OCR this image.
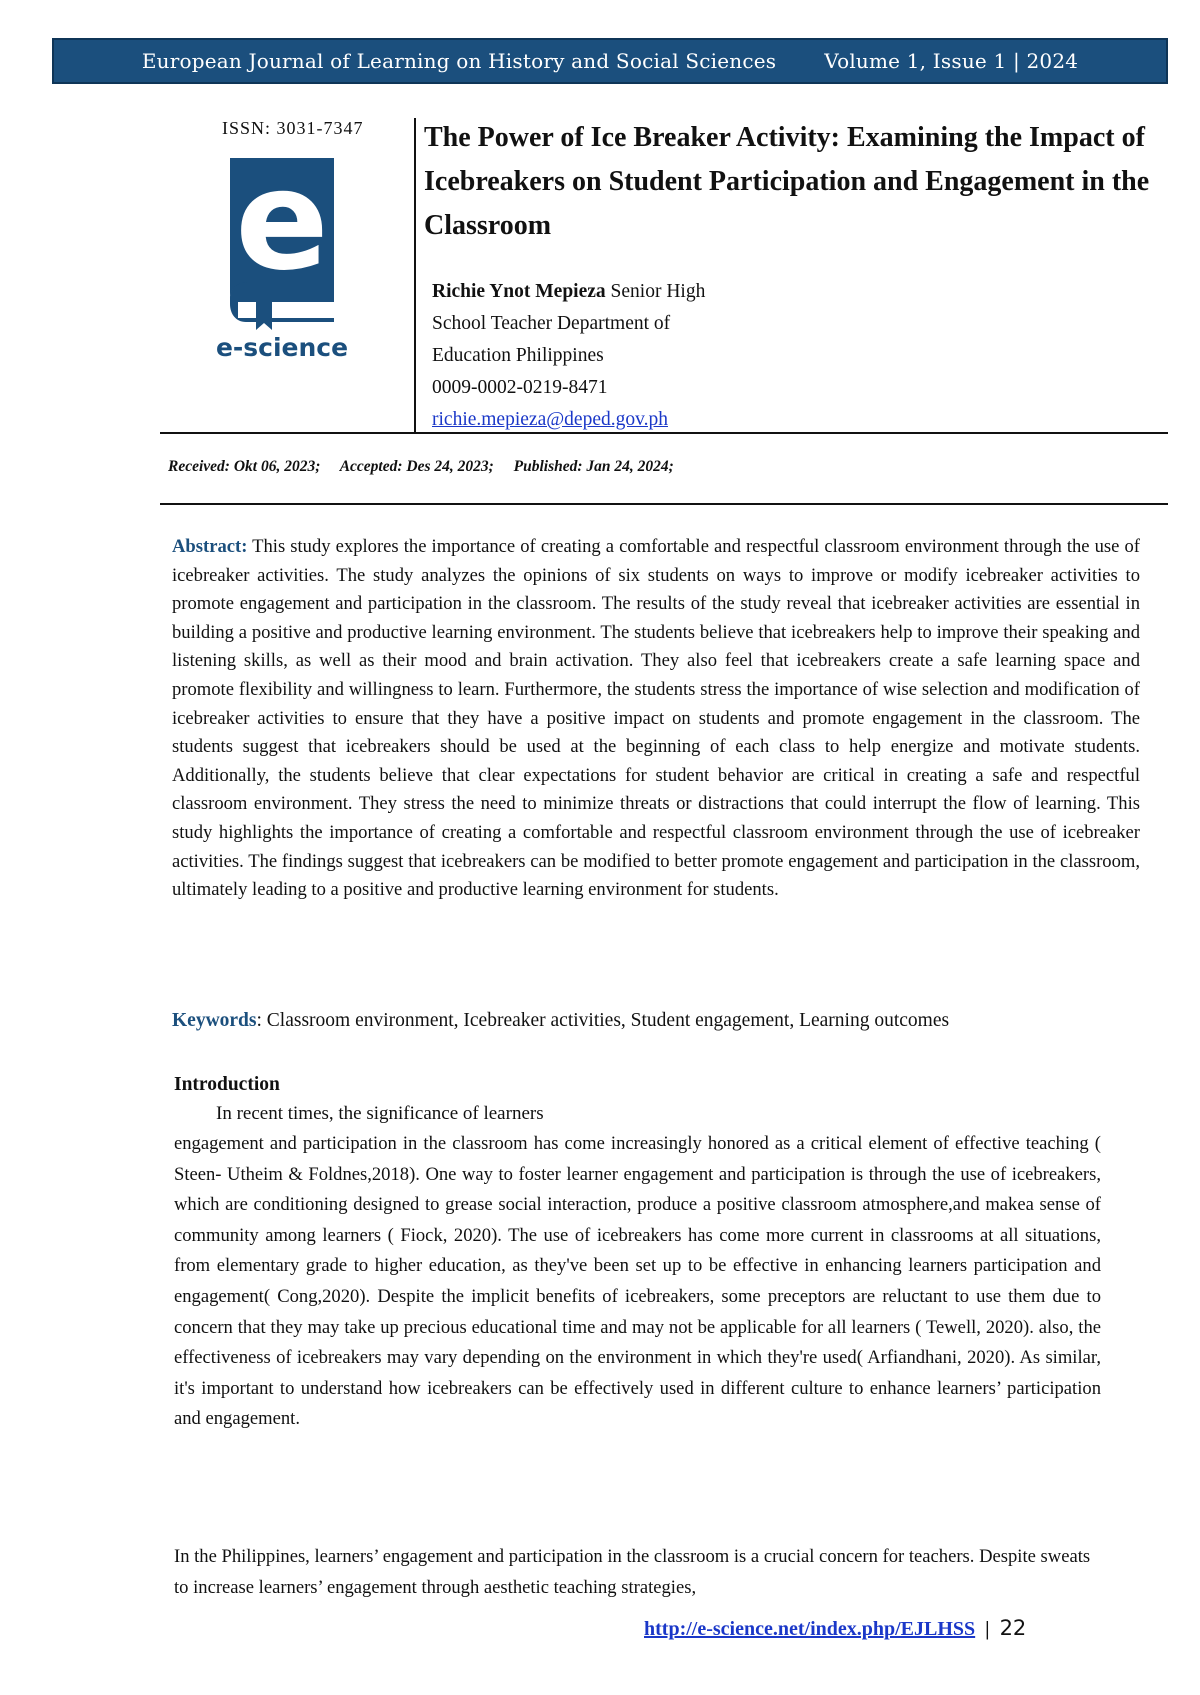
European Journal of Learning on History and Social Sciences Volume 1, Issue 1 | 2024
ISSN: 3031-7347
e
e-science
The Power of Ice Breaker Activity: Examining the Impact of Icebreakers on Student Participation and Engagement in the Classroom
Richie Ynot Mepieza Senior High
School Teacher Department of
Education Philippines
0009-0002-0219-8471
richie.mepieza@deped.gov.ph
Received: Okt 06, 2023; Accepted: Des 24, 2023; Published: Jan 24, 2024;

Abstract: This study explores the importance of creating a comfortable and respectful classroom environment through the use of icebreaker activities. The study analyzes the opinions of six students on ways to improve or modify icebreaker activities to promote engagement and participation in the classroom. The results of the study reveal that icebreaker activities are essential in building a positive and productive learning environment. The students believe that icebreakers help to improve their speaking and listening skills, as well as their mood and brain activation. They also feel that icebreakers create a safe learning space and promote flexibility and willingness to learn. Furthermore, the students stress the importance of wise selection and modification of icebreaker activities to ensure that they have a positive impact on students and promote engagement in the classroom. The students suggest that icebreakers should be used at the beginning of each class to help energize and motivate students. Additionally, the students believe that clear expectations for student behavior are critical in creating a safe and respectful classroom environment. They stress the need to minimize threats or distractions that could interrupt the flow of learning. This study highlights the importance of creating a comfortable and respectful classroom environment through the use of icebreaker activities. The findings suggest that icebreakers can be modified to better promote engagement and participation in the classroom, ultimately leading to a positive and productive learning environment for students.

Keywords: Classroom environment, Icebreaker activities, Student engagement, Learning outcomes
Introduction
In recent times, the significance of learners

engagement and participation in the classroom has come increasingly honored as a critical element of effective teaching ( Steen- Utheim & Foldnes,2018). One way to foster learner engagement and participation is through the use of icebreakers, which are conditioning designed to grease social interaction, produce a positive classroom atmosphere,and makea sense of community among learners ( Fiock, 2020). The use of icebreakers has come more current in classrooms at all situations, from elementary grade to higher education, as they've been set up to be effective in enhancing learners participation and engagement( Cong,2020). Despite the implicit benefits of icebreakers, some preceptors are reluctant to use them due to concern that they may take up precious educational time and may not be applicable for all learners ( Tewell, 2020). also, the effectiveness of icebreakers may vary depending on the environment in which they're used( Arfiandhani, 2020). As similar, it's important to understand how icebreakers can be effectively used in different culture to enhance learners’ participation and engagement.

In the Philippines, learners’ engagement and participation in the classroom is a crucial concern for teachers. Despite sweats to increase learners’ engagement through aesthetic teaching strategies,

http://e-science.net/index.php/EJLHSS | 22
